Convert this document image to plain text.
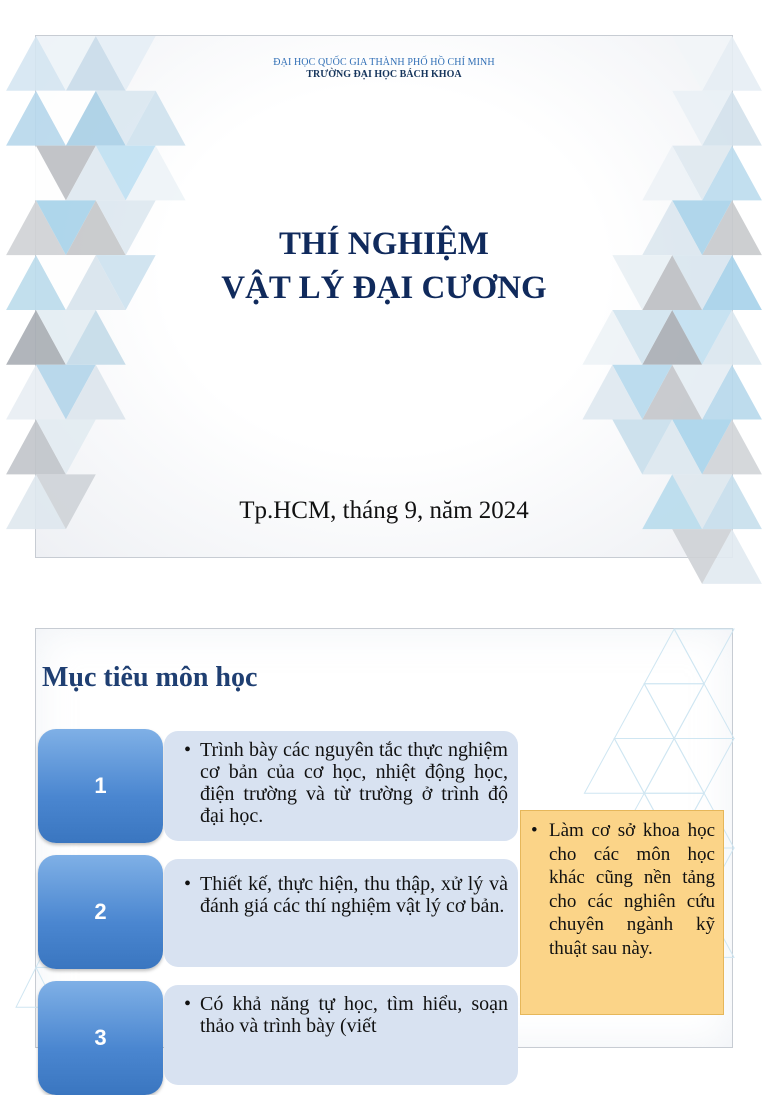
ĐẠI HỌC QUỐC GIA THÀNH PHỐ HỒ CHÍ MINH
TRƯỜNG ĐẠI HỌC BÁCH KHOA
THÍ NGHIỆM
VẬT LÝ ĐẠI CƯƠNG
Tp.HCM, tháng 9, năm 2024
Mục tiêu môn học
1
• Trình bày các nguyên tắc thực nghiệm cơ bản của cơ học, nhiệt động học, điện trường và từ trường ở trình độ đại học.
2
• Thiết kế, thực hiện, thu thập, xử lý và đánh giá các thí nghiệm vật lý cơ bản.
3
• Có khả năng tự học, tìm hiểu, soạn thảo và trình bày (viết
• Làm cơ sở khoa học cho các môn học khác cũng nền tảng cho các nghiên cứu chuyên ngành kỹ thuật sau này.
